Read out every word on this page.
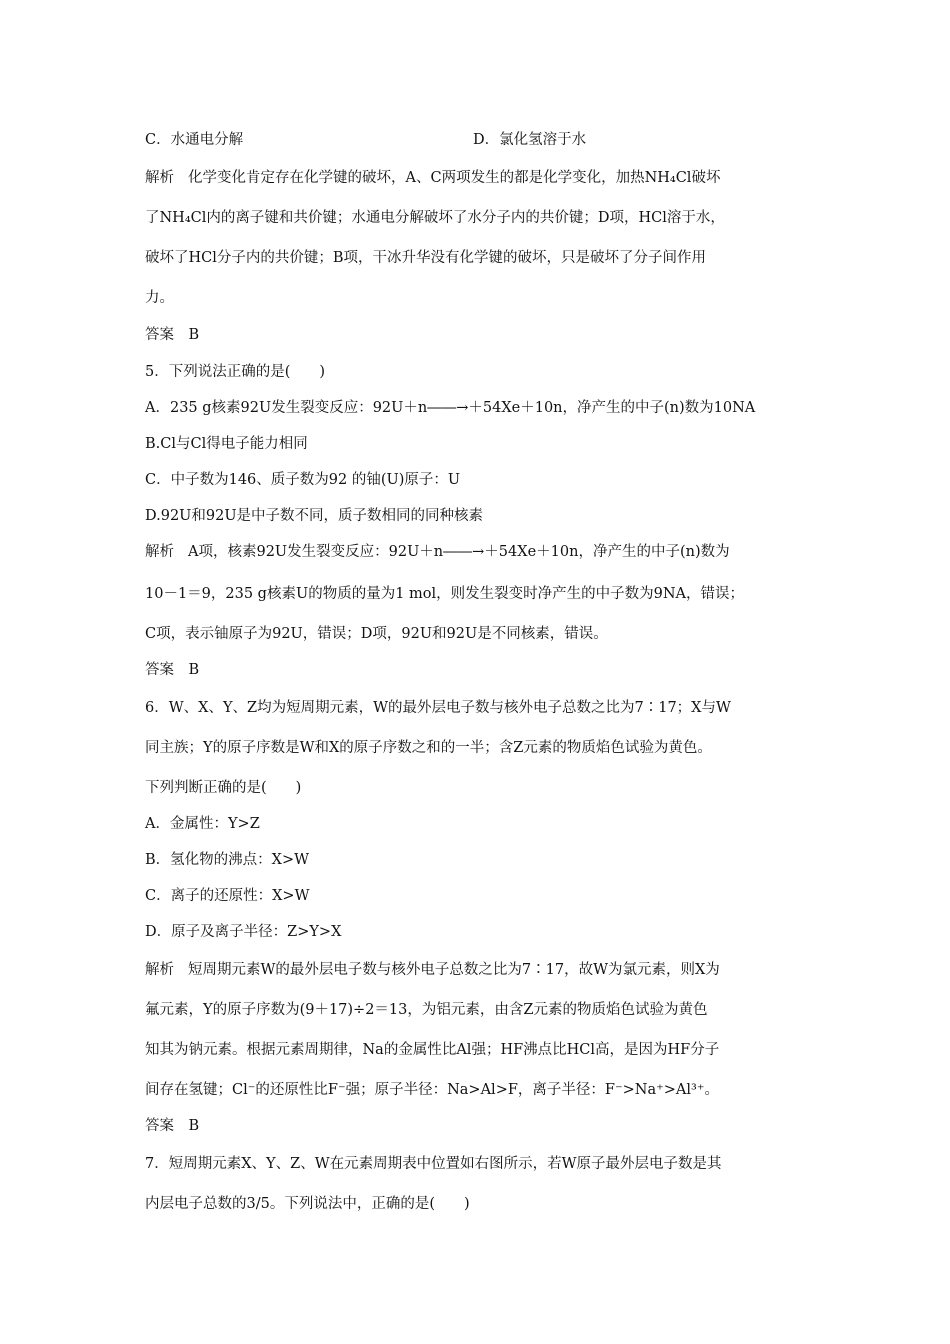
C．水通电分解	D．氯化氢溶于水
解析 化学变化肯定存在化学键的破坏，A、C两项发生的都是化学变化，加热NH₄Cl破坏
了NH₄Cl内的离子键和共价键；水通电分解破坏了水分子内的共价键；D项，HCl溶于水，
破坏了HCl分子内的共价键；B项，干冰升华没有化学键的破坏，只是破坏了分子间作用
力。
答案　B
5．下列说法正确的是(　　)
A．235 g核素92U发生裂变反应：92U＋n――→＋54Xe＋10n，净产生的中子(n)数为10NA
B.Cl与Cl得电子能力相同
C．中子数为146、质子数为92 的铀(U)原子：U
D.92U和92U是中子数不同，质子数相同的同种核素
解析 A项，核素92U发生裂变反应：92U＋n――→＋54Xe＋10n，净产生的中子(n)数为
10－1＝9，235 g核素U的物质的量为1 mol，则发生裂变时净产生的中子数为9NA，错误；
C项，表示铀原子为92U，错误；D项，92U和92U是不同核素，错误。
答案　B
6．W、X、Y、Z均为短周期元素，W的最外层电子数与核外电子总数之比为7∶17；X与W
同主族；Y的原子序数是W和X的原子序数之和的一半；含Z元素的物质焰色试验为黄色。
下列判断正确的是(　　)
A．金属性：Y>Z
B．氢化物的沸点：X>W
C．离子的还原性：X>W
D．原子及离子半径：Z>Y>X
解析 短周期元素W的最外层电子数与核外电子总数之比为7∶17，故W为氯元素，则X为
氟元素，Y的原子序数为(9＋17)÷2＝13，为铝元素，由含Z元素的物质焰色试验为黄色
知其为钠元素。根据元素周期律，Na的金属性比Al强；HF沸点比HCl高，是因为HF分子
间存在氢键；Cl⁻的还原性比F⁻强；原子半径：Na>Al>F，离子半径：F⁻>Na⁺>Al³⁺。
答案　B
7．短周期元素X、Y、Z、W在元素周期表中位置如右图所示，若W原子最外层电子数是其
内层电子总数的3/5。下列说法中，正确的是(　　)
